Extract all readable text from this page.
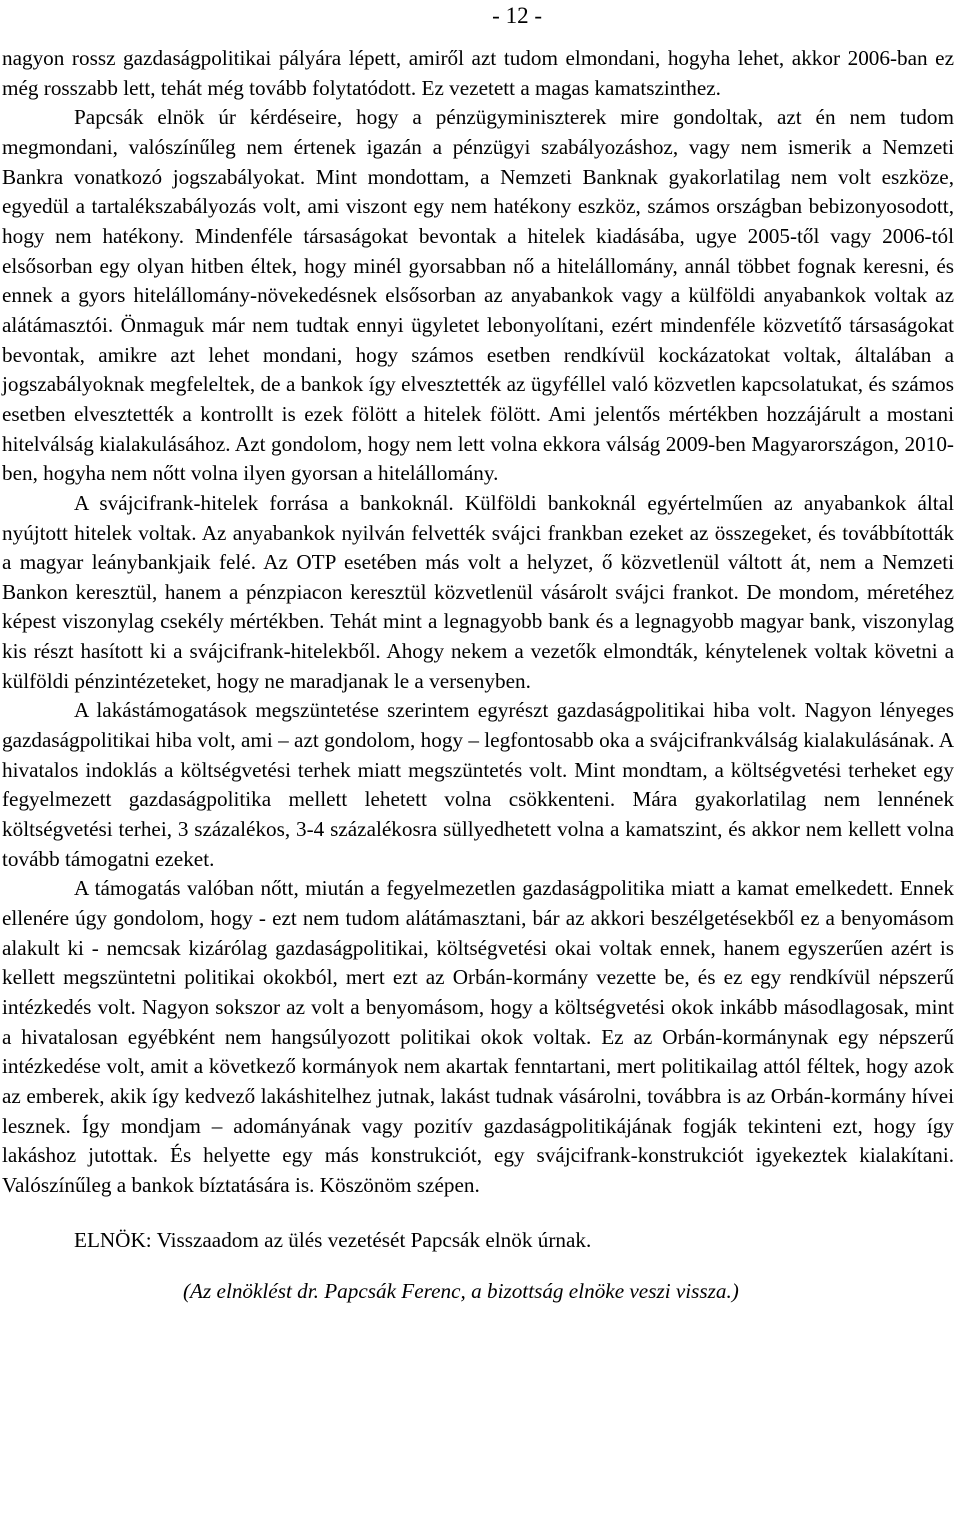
- 12 -

nagyon rossz gazdaságpolitikai pályára lépett, amiről azt tudom elmondani, hogyha lehet, akkor 2006-ban ez még rosszabb lett, tehát még tovább folytatódott. Ez vezetett a magas kamatszinthez.

Papcsák elnök úr kérdéseire, hogy a pénzügyminiszterek mire gondoltak, azt én nem tudom megmondani, valószínűleg nem értenek igazán a pénzügyi szabályozáshoz, vagy nem ismerik a Nemzeti Bankra vonatkozó jogszabályokat. Mint mondottam, a Nemzeti Banknak gyakorlatilag nem volt eszköze, egyedül a tartalékszabályozás volt, ami viszont egy nem hatékony eszköz, számos országban bebizonyosodott, hogy nem hatékony. Mindenféle társaságokat bevontak a hitelek kiadásába, ugye 2005-től vagy 2006-tól elsősorban egy olyan hitben éltek, hogy minél gyorsabban nő a hitelállomány, annál többet fognak keresni, és ennek a gyors hitelállomány-növekedésnek elsősorban az anyabankok vagy a külföldi anyabankok voltak az alátámasztói. Önmaguk már nem tudtak ennyi ügyletet lebonyolítani, ezért mindenféle közvetítő társaságokat bevontak, amikre azt lehet mondani, hogy számos esetben rendkívül kockázatokat voltak, általában a jogszabályoknak megfeleltek, de a bankok így elvesztették az ügyféllel való közvetlen kapcsolatukat, és számos esetben elvesztették a kontrollt is ezek fölött a hitelek fölött. Ami jelentős mértékben hozzájárult a mostani hitelválság kialakulásához. Azt gondolom, hogy nem lett volna ekkora válság 2009-ben Magyarországon, 2010-ben, hogyha nem nőtt volna ilyen gyorsan a hitelállomány.

A svájcifrank-hitelek forrása a bankoknál. Külföldi bankoknál egyértelműen az anyabankok által nyújtott hitelek voltak. Az anyabankok nyilván felvették svájci frankban ezeket az összegeket, és továbbították a magyar leánybankjaik felé. Az OTP esetében más volt a helyzet, ő közvetlenül váltott át, nem a Nemzeti Bankon keresztül, hanem a pénzpiacon keresztül közvetlenül vásárolt svájci frankot. De mondom, méretéhez képest viszonylag csekély mértékben. Tehát mint a legnagyobb bank és a legnagyobb magyar bank, viszonylag kis részt hasított ki a svájcifrank-hitelekből. Ahogy nekem a vezetők elmondták, kénytelenek voltak követni a külföldi pénzintézeteket, hogy ne maradjanak le a versenyben.

A lakástámogatások megszüntetése szerintem egyrészt gazdaságpolitikai hiba volt. Nagyon lényeges gazdaságpolitikai hiba volt, ami – azt gondolom, hogy – legfontosabb oka a svájcifrankválság kialakulásának. A hivatalos indoklás a költségvetési terhek miatt megszüntetés volt. Mint mondtam, a költségvetési terheket egy fegyelmezett gazdaságpolitika mellett lehetett volna csökkenteni. Mára gyakorlatilag nem lennének költségvetési terhei, 3 százalékos, 3-4 százalékosra süllyedhetett volna a kamatszint, és akkor nem kellett volna tovább támogatni ezeket.

A támogatás valóban nőtt, miután a fegyelmezetlen gazdaságpolitika miatt a kamat emelkedett. Ennek ellenére úgy gondolom, hogy - ezt nem tudom alátámasztani, bár az akkori beszélgetésekből ez a benyomásom alakult ki - nemcsak kizárólag gazdaságpolitikai, költségvetési okai voltak ennek, hanem egyszerűen azért is kellett megszüntetni politikai okokból, mert ezt az Orbán-kormány vezette be, és ez egy rendkívül népszerű intézkedés volt. Nagyon sokszor az volt a benyomásom, hogy a költségvetési okok inkább másodlagosak, mint a hivatalosan egyébként nem hangsúlyozott politikai okok voltak. Ez az Orbán-kormánynak egy népszerű intézkedése volt, amit a következő kormányok nem akartak fenntartani, mert politikailag attól féltek, hogy azok az emberek, akik így kedvező lakáshitelhez jutnak, lakást tudnak vásárolni, továbbra is az Orbán-kormány hívei lesznek. Így mondjam – adományának vagy pozitív gazdaságpolitikájának fogják tekinteni ezt, hogy így lakáshoz jutottak. És helyette egy más konstrukciót, egy svájcifrank-konstrukciót igyekeztek kialakítani. Valószínűleg a bankok bíztatására is. Köszönöm szépen.

ELNÖK: Visszaadom az ülés vezetését Papcsák elnök úrnak.

(Az elnöklést dr. Papcsák Ferenc, a bizottság elnöke veszi vissza.)
